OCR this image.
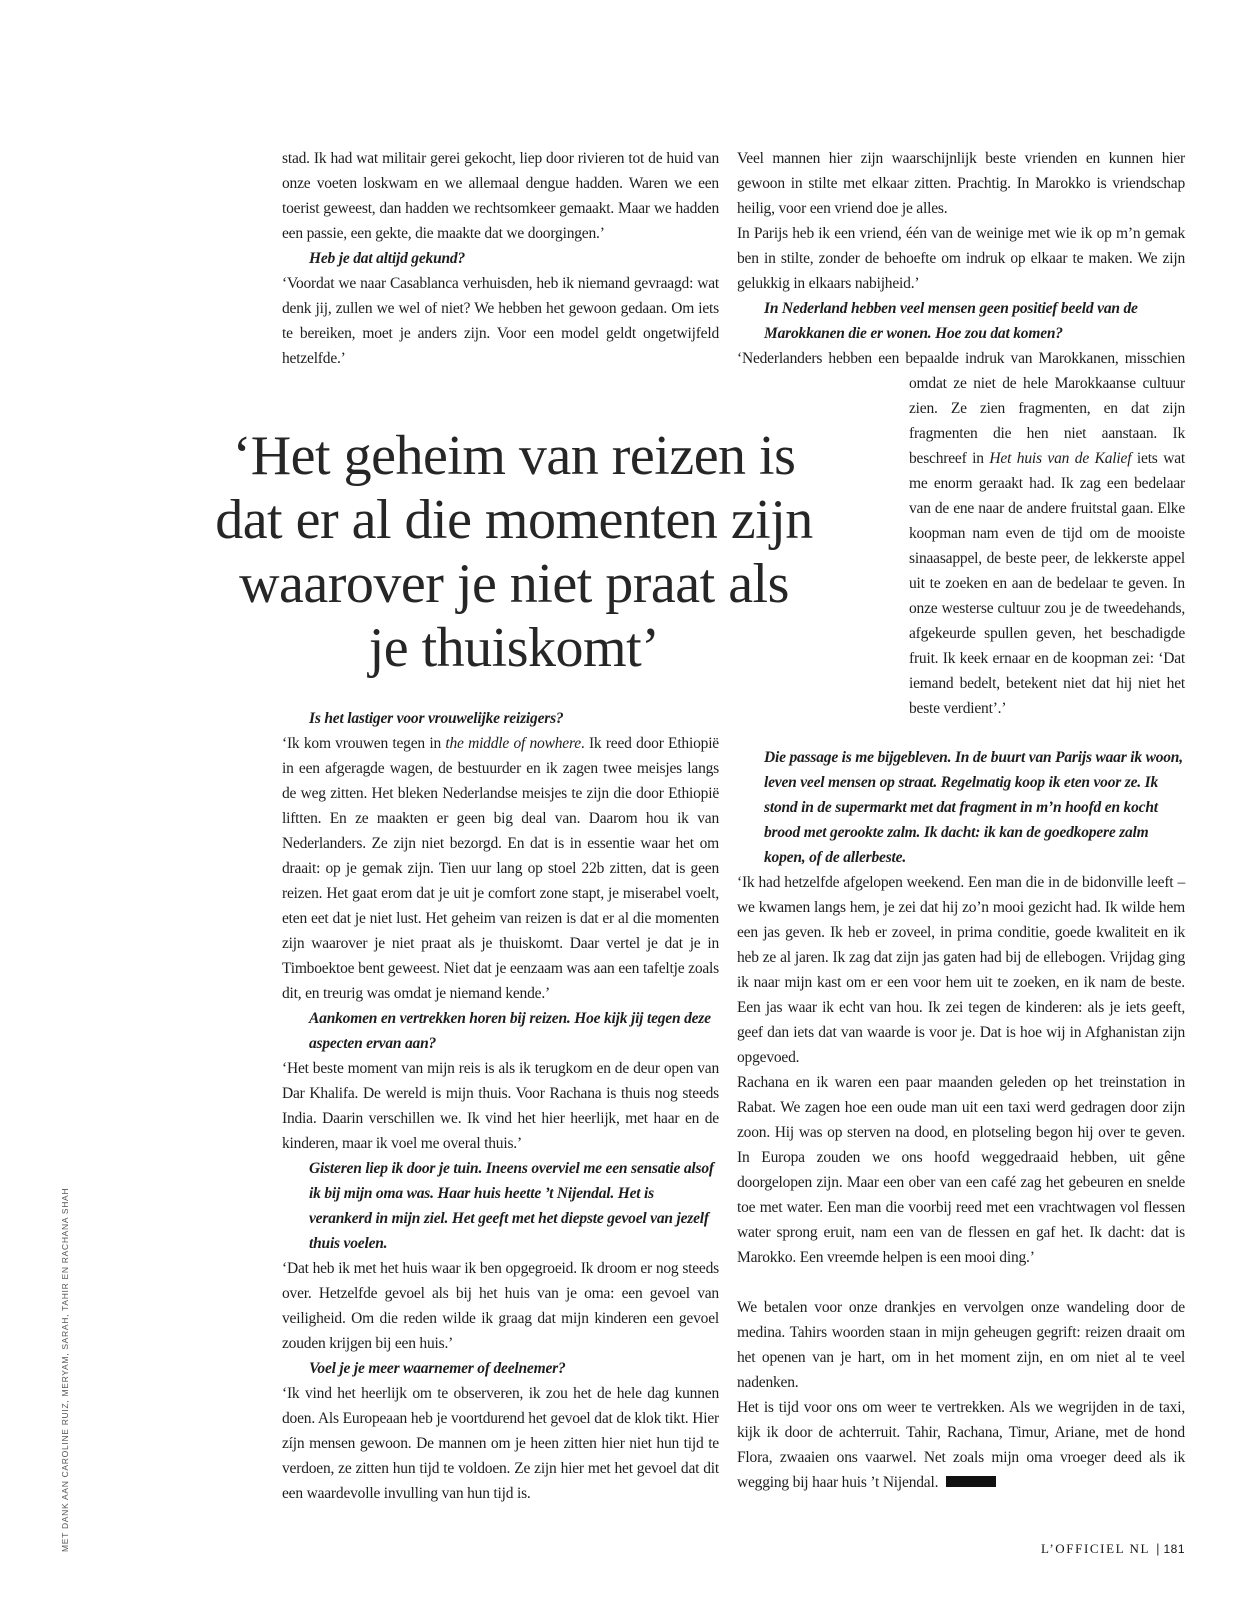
MET DANK AAN CAROLINE RUIZ, MERYAM, SARAH, TAHIR EN RACHANA SHAH

stad. Ik had wat militair gerei gekocht, liep door rivieren tot de huid van onze voeten loskwam en we allemaal dengue hadden. Waren we een toerist geweest, dan hadden we rechtsomkeer gemaakt. Maar we hadden een passie, een gekte, die maakte dat we doorgingen.’

Heb je dat altijd gekund?

‘Voordat we naar Casablanca verhuisden, heb ik niemand gevraagd: wat denk jij, zullen we wel of niet? We hebben het gewoon gedaan. Om iets te bereiken, moet je anders zijn. Voor een model geldt ongetwijfeld hetzelfde.’

Is het lastiger voor vrouwelijke reizigers?

‘Ik kom vrouwen tegen in the middle of nowhere. Ik reed door Ethiopië in een afgeragde wagen, de bestuurder en ik zagen twee meisjes langs de weg zitten. Het bleken Nederlandse meisjes te zijn die door Ethiopië liftten. En ze maakten er geen big deal van. Daarom hou ik van Nederlanders. Ze zijn niet bezorgd. En dat is in essentie waar het om draait: op je gemak zijn. Tien uur lang op stoel 22b zitten, dat is geen reizen. Het gaat erom dat je uit je comfort zone stapt, je miserabel voelt, eten eet dat je niet lust. Het geheim van reizen is dat er al die momenten zijn waarover je niet praat als je thuiskomt. Daar vertel je dat je in Timboektoe bent geweest. Niet dat je eenzaam was aan een tafeltje zoals dit, en treurig was omdat je niemand kende.’

Aankomen en vertrekken horen bij reizen. Hoe kijk jij tegen deze aspecten ervan aan?

‘Het beste moment van mijn reis is als ik terugkom en de deur open van Dar Khalifa. De wereld is mijn thuis. Voor Rachana is thuis nog steeds India. Daarin verschillen we. Ik vind het hier heerlijk, met haar en de kinderen, maar ik voel me overal thuis.’

Gisteren liep ik door je tuin. Ineens overviel me een sensatie alsof ik bij mijn oma was. Haar huis heette ’t Nijendal. Het is verankerd in mijn ziel. Het geeft met het diepste gevoel van jezelf thuis voelen.

‘Dat heb ik met het huis waar ik ben opgegroeid. Ik droom er nog steeds over. Hetzelfde gevoel als bij het huis van je oma: een gevoel van veiligheid. Om die reden wilde ik graag dat mijn kinderen een gevoel zouden krijgen bij een huis.’

Voel je je meer waarnemer of deelnemer?

‘Ik vind het heerlijk om te observeren, ik zou het de hele dag kunnen doen. Als Europeaan heb je voortdurend het gevoel dat de klok tikt. Hier zíjn mensen gewoon. De mannen om je heen zitten hier niet hun tijd te verdoen, ze zitten hun tijd te voldoen. Ze zijn hier met het gevoel dat dit een waardevolle invulling van hun tijd is.

Veel mannen hier zijn waarschijnlijk beste vrienden en kunnen hier gewoon in stilte met elkaar zitten. Prachtig. In Marokko is vriendschap heilig, voor een vriend doe je alles.

In Parijs heb ik een vriend, één van de weinige met wie ik op m’n gemak ben in stilte, zonder de behoefte om indruk op elkaar te maken. We zijn gelukkig in elkaars nabijheid.’

In Nederland hebben veel mensen geen positief beeld van de Marokkanen die er wonen. Hoe zou dat komen?

‘Nederlanders hebben een bepaalde indruk van Marokkanen, misschien omdat ze niet de hele Marokkaanse cultuur zien. Ze zien fragmenten, en dat zijn fragmenten die hen niet aanstaan. Ik beschreef in Het huis van de Kalief iets wat me enorm geraakt had. Ik zag een bedelaar van de ene naar de andere fruitstal gaan. Elke koopman nam even de tijd om de mooiste sinaasappel, de beste peer, de lekkerste appel uit te zoeken en aan de bedelaar te geven. In onze westerse cultuur zou je de tweedehands, afgekeurde spullen geven, het beschadigde fruit. Ik keek ernaar en de koopman zei: ‘Dat iemand bedelt, betekent niet dat hij niet het beste verdient’.’

Die passage is me bijgebleven. In de buurt van Parijs waar ik woon, leven veel mensen op straat. Regelmatig koop ik eten voor ze. Ik stond in de supermarkt met dat fragment in m’n hoofd en kocht brood met gerookte zalm. Ik dacht: ik kan de goedkopere zalm kopen, of de allerbeste.

‘Ik had hetzelfde afgelopen weekend. Een man die in de bidonville leeft – we kwamen langs hem, je zei dat hij zo’n mooi gezicht had. Ik wilde hem een jas geven. Ik heb er zoveel, in prima conditie, goede kwaliteit en ik heb ze al jaren. Ik zag dat zijn jas gaten had bij de ellebogen. Vrijdag ging ik naar mijn kast om er een voor hem uit te zoeken, en ik nam de beste. Een jas waar ik echt van hou. Ik zei tegen de kinderen: als je iets geeft, geef dan iets dat van waarde is voor je. Dat is hoe wij in Afghanistan zijn opgevoed.

Rachana en ik waren een paar maanden geleden op het treinstation in Rabat. We zagen hoe een oude man uit een taxi werd gedragen door zijn zoon. Hij was op sterven na dood, en plotseling begon hij over te geven. In Europa zouden we ons hoofd weggedraaid hebben, uit gêne doorgelopen zijn. Maar een ober van een café zag het gebeuren en snelde toe met water. Een man die voorbij reed met een vrachtwagen vol flessen water sprong eruit, nam een van de flessen en gaf het. Ik dacht: dat is Marokko. Een vreemde helpen is een mooi ding.’

We betalen voor onze drankjes en vervolgen onze wandeling door de medina. Tahirs woorden staan in mijn geheugen gegrift: reizen draait om het openen van je hart, om in het moment zijn, en om niet al te veel nadenken.

Het is tijd voor ons om weer te vertrekken. Als we wegrijden in de taxi, kijk ik door de achterruit. Tahir, Rachana, Timur, Ariane, met de hond Flora, zwaaien ons vaarwel. Net zoals mijn oma vroeger deed als ik wegging bij haar huis ’t Nijendal.

‘Het geheim van reizen is
dat er al die momenten zijn
waarover je niet praat als
je thuiskomt’
L’OFFICIEL NL | 181
